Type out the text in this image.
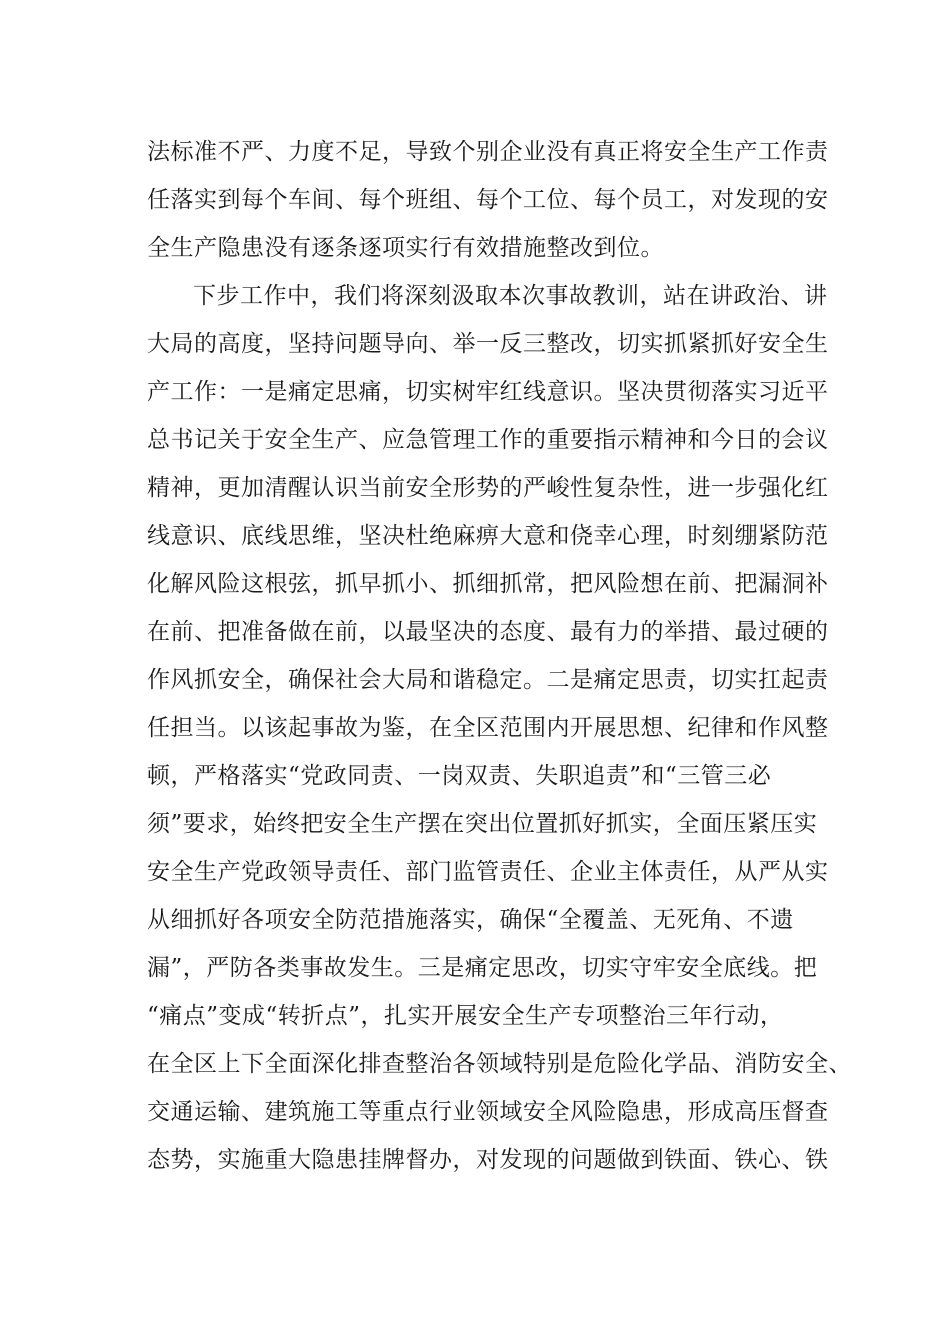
法标准不严、力度不足，导致个别企业没有真正将安全生产工作责
任落实到每个车间、每个班组、每个工位、每个员工，对发现的安
全生产隐患没有逐条逐项实行有效措施整改到位。
下步工作中，我们将深刻汲取本次事故教训，站在讲政治、讲
大局的高度，坚持问题导向、举一反三整改，切实抓紧抓好安全生
产工作：一是痛定思痛，切实树牢红线意识。坚决贯彻落实习近平
总书记关于安全生产、应急管理工作的重要指示精神和今日的会议
精神，更加清醒认识当前安全形势的严峻性复杂性，进一步强化红
线意识、底线思维，坚决杜绝麻痹大意和侥幸心理，时刻绷紧防范
化解风险这根弦，抓早抓小、抓细抓常，把风险想在前、把漏洞补
在前、把准备做在前，以最坚决的态度、最有力的举措、最过硬的
作风抓安全，确保社会大局和谐稳定。二是痛定思责，切实扛起责
任担当。以该起事故为鉴，在全区范围内开展思想、纪律和作风整
顿，严格落实“党政同责、一岗双责、失职追责”和“三管三必
须”要求，始终把安全生产摆在突出位置抓好抓实，全面压紧压实
安全生产党政领导责任、部门监管责任、企业主体责任，从严从实
从细抓好各项安全防范措施落实，确保“全覆盖、无死角、不遗
漏”，严防各类事故发生。三是痛定思改，切实守牢安全底线。把
“痛点”变成“转折点”，扎实开展安全生产专项整治三年行动，
在全区上下全面深化排查整治各领域特别是危险化学品、消防安全、
交通运输、建筑施工等重点行业领域安全风险隐患，形成高压督查
态势，实施重大隐患挂牌督办，对发现的问题做到铁面、铁心、铁
